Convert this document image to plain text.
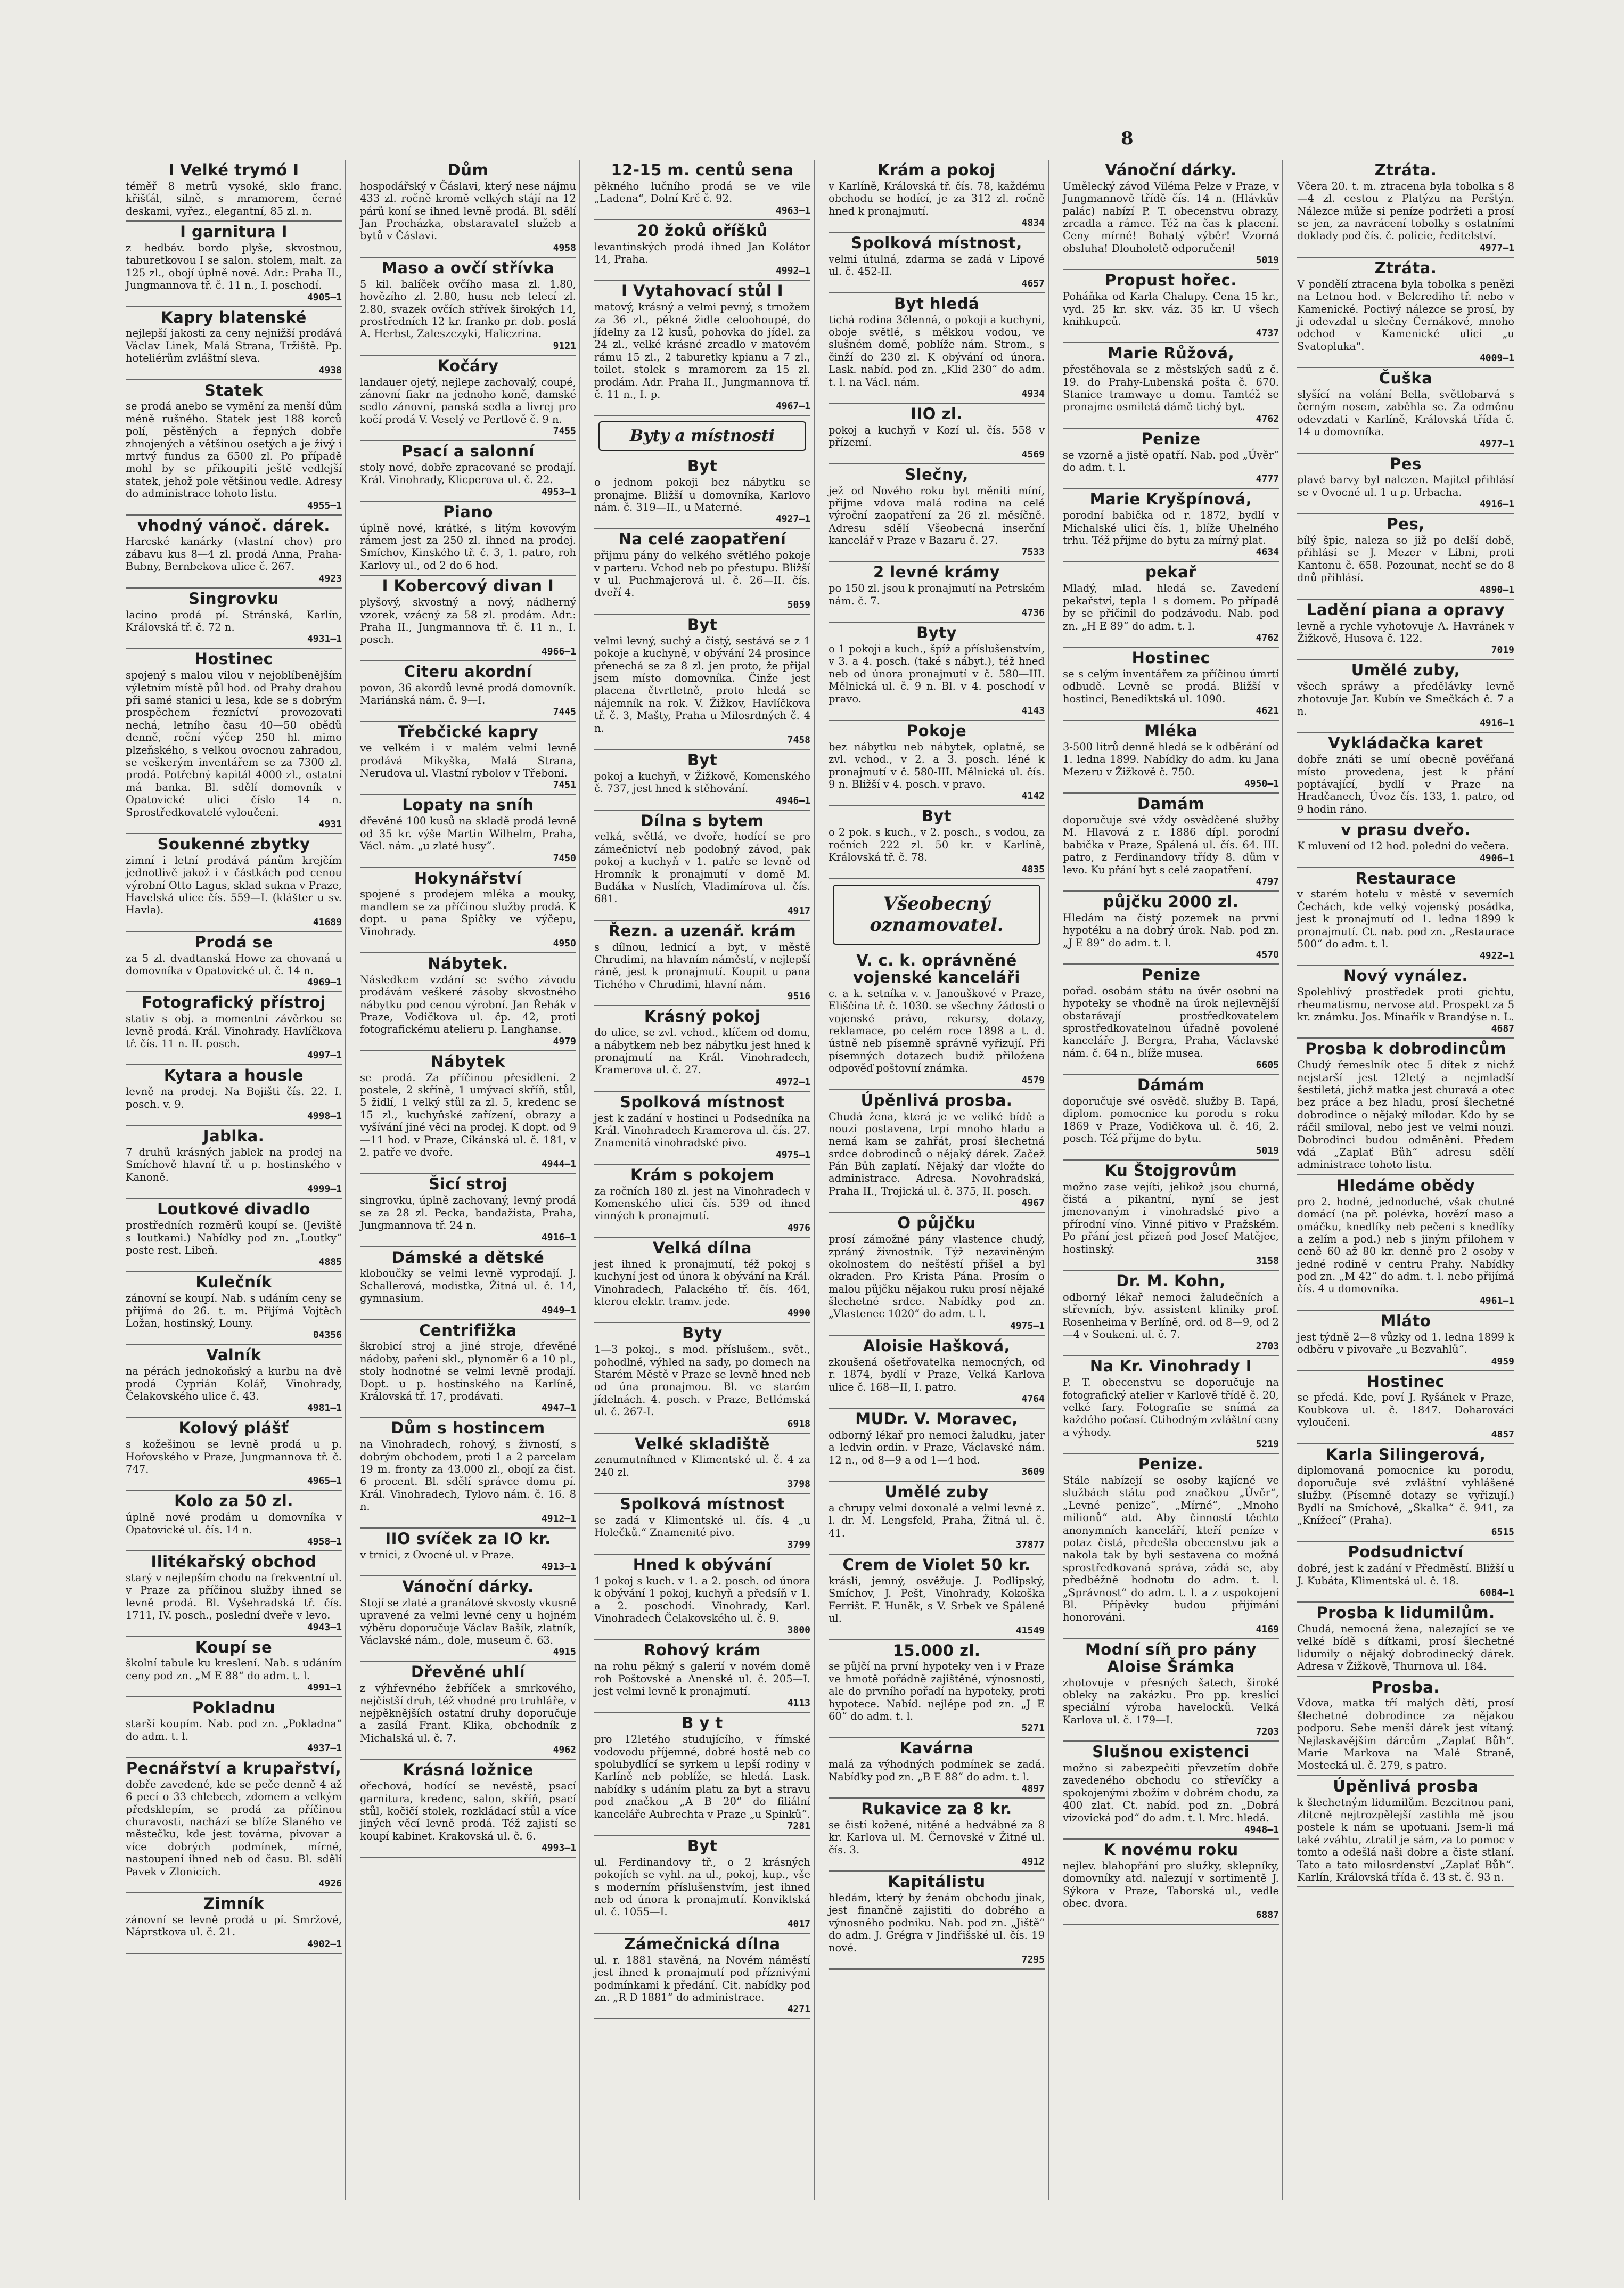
8
I Velké trymó I

téměř 8 metrů vysoké, sklo franc. křišťál, silně, s mramorem, černé deskami, vyřez., elegantní, 85 zl. n.

I garnitura I

z hedbáv. bordo plyše, skvostnou, taburetkovou I se salon. stolem, malt. za 125 zl., obojí úplně nové. Adr.: Praha II., Jungmannova tř. č. 11 n., I. poschodí.

4905—1
Kapry blatenské

nejlepší jakosti za ceny nejnižší prodává Václav Linek, Malá Strana, Tržiště. Pp. hoteliérům zvláštní sleva.

4938
Statek

se prodá anebo se vymění za menší dům méně rušného. Statek jest 188 korců polí, pěstěných a řepných dobře zhnojených a většinou osetých a je živý i mrtvý fundus za 6500 zl. Po případě mohl by se přikoupiti ještě vedlejší statek, jehož pole většinou vedle. Adresy do administrace tohoto listu.

4955—1
vhodný vánoč. dárek.

Harcské kanárky (vlastní chov) pro zábavu kus 8—4 zl. prodá Anna, Praha-Bubny, Bernbekova ulice č. 267.

4923
Singrovku

lacino prodá pí. Stránská, Karlín, Královská tř. č. 72 n.

4931—1
Hostinec

spojený s malou vilou v nejoblíbenějším výletním místě půl hod. od Prahy drahou při samé stanici u lesa, kde se s dobrým prospěchem řezníctví provozovati nechá, letního času 40—50 obědů denně, roční výčep 250 hl. mimo plzeňského, s velkou ovocnou zahradou, se veškerým inventářem se za 7300 zl. prodá. Potřebný kapitál 4000 zl., ostatní má banka. Bl. sdělí domovník v Opatovické ulici číslo 14 n. Sprostředkovatelé vyloučeni.

4931
Soukenné zbytky

zimní i letní prodává pánům krejčím jednotlivě jakož i v částkách pod cenou výrobní Otto Lagus, sklad sukna v Praze, Havelská ulice čís. 559—I. (klášter u sv. Havla).

41689
Prodá se

za 5 zl. dvadtanská Howe za chovaná u domovníka v Opatovické ul. č. 14 n.

4969—1
Fotografický přístroj

stativ s obj. a momentní závěrkou se levně prodá. Král. Vinohrady. Havlíčkova tř. čís. 11 n. II. posch.

4997—1
Kytara a housle

levně na prodej. Na Bojišti čís. 22. I. posch. v. 9.

4998—1
Jablka.

7 druhů krásných jablek na prodej na Smíchově hlavní tř. u p. hostinského v Kanoně.

4999—1
Loutkové divadlo

prostředních rozměrů koupí se. (Jeviště s loutkami.) Nabídky pod zn. „Loutky“ poste rest. Libeň.

4885
Kulečník

zánovní se koupí. Nab. s udáním ceny se přijímá do 26. t. m. Přijímá Vojtěch Ložan, hostinský, Louny.

04356
Valník

na pérách jednokoňský a kurbu na dvě prodá Cyprián Kolář, Vinohrady, Čelakovského ulice č. 43.

4981—1
Kolový plášť

s kožešinou se levně prodá u p. Hořovského v Praze, Jungmannova tř. č. 747.

4965—1
Kolo za 50 zl.

úplně nové prodám u domovníka v Opatovické ul. čís. 14 n.

4958—1
Ilitékařský obchod

starý v nejlepším chodu na frekventní ul. v Praze za příčinou služby ihned se levně prodá. Bl. Vyšehradská tř. čís. 1711, IV. posch., poslední dveře v levo.

4943—1
Koupí se

školní tabule ku kreslení. Nab. s udáním ceny pod zn. „M E 88“ do adm. t. l.

4991—1
Pokladnu

starší koupím. Nab. pod zn. „Pokladna“ do adm. t. l.

4937—1
Pecnářství a krupařství,

dobře zavedené, kde se peče denně 4 až 6 pecí o 33 chlebech, zdomem a velkým předsklepím, se prodá za příčinou churavosti, nachází se blíže Slaného ve městečku, kde jest továrna, pivovar a více dobrých podmínek, mírné, nastoupení ihned neb od času. Bl. sdělí Pavek v Zlonicích.

4926
Zimník

zánovní se levně prodá u pí. Smržové, Náprstkova ul. č. 21.

4902—1
Dům

hospodářský v Čáslavi, který nese nájmu 433 zl. ročně kromě velkých stájí na 12 párů koní se ihned levně prodá. Bl. sdělí Jan Procházka, obstaravatel služeb a bytů v Čáslavi.

4958
Maso a ovčí střívka

5 kil. balíček ovčího masa zl. 1.80, hovězího zl. 2.80, husu neb telecí zl. 2.80, svazek ovčích střívek širokých 14, prostředních 12 kr. franko pr. dob. poslá A. Herbst, Zaleszczyki, Haliczrina.

9121
Kočáry

landauer ojetý, nejlepe zachovalý, coupé, zánovní fiakr na jednoho koně, damské sedlo zánovní, panská sedla a livrej pro kočí prodá V. Veselý ve Pertlově č. 9 n.

7455
Psací a salonní

stoly nové, dobře zpracované se prodají. Král. Vinohrady, Klicperova ul. č. 22.

4953—1
Piano

úplně nové, krátké, s litým kovovým rámem jest za 250 zl. ihned na prodej. Smíchov, Kinského tř. č. 3, 1. patro, roh Karlovy ul., od 2 do 6 hod.

I Kobercový divan I

plyšový, skvostný a nový, nádherný vzorek, vzácný za 58 zl. prodám. Adr.: Praha II., Jungmannova tř. č. 11 n., I. posch.

4966—1
Citeru akordní

povon, 36 akordů levně prodá domovník. Mariánská nám. č. 9—I.

7445
Třebčické kapry

ve velkém i v malém velmi levně prodává Mikyška, Malá Strana, Nerudova ul. Vlastní rybolov v Třeboni.

7451
Lopaty na sníh

dřevěné 100 kusů na skladě prodá levně od 35 kr. výše Martin Wilhelm, Praha, Václ. nám. „u zlaté husy“.

7450
Hokynářství

spojené s prodejem mléka a mouky, mandlem se za příčinou služby prodá. K dopt. u pana Spičky ve výčepu, Vinohrady.

4950
Nábytek.

Následkem vzdání se svého závodu prodávám veškeré zásoby skvostného nábytku pod cenou výrobní. Jan Řehák v Praze, Vodičkova ul. čp. 42, proti fotografickému atelieru p. Langhanse.

4979
Nábytek

se prodá. Za příčinou přesídlení. 2 postele, 2 skříně, 1 umývací skříň, stůl, 5 židlí, 1 velký stůl za zl. 5, kredenc se 15 zl., kuchyňské zařízení, obrazy a vyšívání jiné věci na prodej. K dopt. od 9—11 hod. v Praze, Cikánská ul. č. 181, v 2. patře ve dvoře.

4944—1
Šicí stroj

singrovku, úplně zachovaný, levný prodá se za 28 zl. Pecka, bandažista, Praha, Jungmannova tř. 24 n.

4916—1
Dámské a dětské

kloboučky se velmi levně vyprodají. J. Schallerová, modistka, Žitná ul. č. 14, gymnasium.

4949—1
Centrifižka

škrobicí stroj a jiné stroje, dřevěné nádoby, pařeni skl., plynoměr 6 a 10 pl., stoly hodnotné se velmi levně prodají. Dopt. u p. hostinského na Karlíně, Královská tř. 17, prodávati.

4947—1
Dům s hostincem

na Vinohradech, rohový, s živností, s dobrým obchodem, proti 1 a 2 parcelam 19 m. fronty za 43.000 zl., obojí za čist. 6 procent. Bl. sdělí správce domu pí. Král. Vinohradech, Tylovo nám. č. 16. 8 n.

4912—1
IIO svíček za IO kr.

v trnici, z Ovocné ul. v Praze.

4913—1
Vánoční dárky.

Stojí se zlaté a granátové skvosty vkusně upravené za velmi levné ceny u hojném výběru doporučuje Václav Bašík, zlatník, Václavské nám., dole, museum č. 63.

4915
Dřevěné uhlí

z výhřevného žebříček a smrkového, nejčistší druh, též vhodné pro truhláře, v nejpěknějších ostatní druhy doporučuje a zasílá Frant. Klika, obchodník z Michalská ul. č. 7.

4962
Krásná ložnice

ořechová, hodící se nevěstě, psací garnitura, kredenc, salon, skříň, psací stůl, kočičí stolek, rozkládací stůl a více jiných věcí levně prodá. Též zajistí se koupí kabinet. Krakovská ul. č. 6.

4993—1
12-15 m. centů sena

pěkného lučního prodá se ve vile „Ladena“, Dolní Krč č. 92.

4963—1
20 žoků oříšků

levantinských prodá ihned Jan Kolátor 14, Praha.

4992—1
I Vytahovací stůl I

matový, krásný a velmi pevný, s trnožem za 36 zl., pěkné židle celoohoupé, do jídelny za 12 kusů, pohovka do jídel. za 24 zl., velké krásné zrcadlo v matovém rámu 15 zl., 2 taburetky kpianu a 7 zl., toilet. stolek s mramorem za 15 zl. prodám. Adr. Praha II., Jungmannova tř. č. 11 n., I. p.

4967—1
Byty a místnosti
Byt

o jednom pokoji bez nábytku se pronajme. Bližší u domovníka, Karlovo nám. č. 319—II., u Materné.

4927—1
Na celé zaopatření

přijmu pány do velkého světlého pokoje v parteru. Vchod neb po přestupu. Bližší v ul. Puchmajerová ul. č. 26—II. čís. dveří 4.

5059
Byt

velmi levný, suchý a čistý, sestává se z 1 pokoje a kuchyně, v obývání 24 prosince přenechá se za 8 zl. jen proto, že přijal jsem místo domovníka. Činže jest placena čtvrtletně, proto hledá se nájemník na rok. V. Žižkov, Havlíčkova tř. č. 3, Mašty, Praha u Milosrdných č. 4 n.

7458
Byt

pokoj a kuchyň, v Žižkově, Komenského č. 737, jest hned k stěhování.

4946—1
Dílna s bytem

velká, světlá, ve dvoře, hodící se pro zámečnictví neb podobný závod, pak pokoj a kuchyň v 1. patře se levně od Hromník k pronajmutí v domě M. Budáka v Nuslích, Vladimírova ul. čís. 681.

4917
Řezn. a uzenář. krám

s dílnou, lednicí a byt, v městě Chrudimi, na hlavním náměstí, v nejlepší ráně, jest k pronajmutí. Koupit u pana Tichého v Chrudimi, hlavní nám.

9516
Krásný pokoj

do ulice, se zvl. vchod., klíčem od domu, a nábytkem neb bez nábytku jest hned k pronajmutí na Král. Vinohradech, Kramerova ul. č. 27.

4972—1
Spolková místnost

jest k zadání v hostinci u Podsedníka na Král. Vinohradech Kramerova ul. čís. 27. Znamenitá vinohradské pivo.

4975—1
Krám s pokojem

za ročních 180 zl. jest na Vinohradech v Komenského ulici čís. 539 od ihned vinných k pronajmutí.

4976
Velká dílna

jest ihned k pronajmutí, též pokoj s kuchyní jest od února k obývání na Král. Vinohradech, Palackého tř. čís. 464, kterou elektr. tramv. jede.

4990
Byty

1—3 pokoj., s mod. příslušem., svět., pohodlné, výhled na sady, po domech na Starém Městě v Praze se levně hned neb od úna pronajmou. Bl. ve starém jídelnách. 4. posch. v Praze, Betlémská ul. č. 267-I.

6918
Velké skladiště

zenumutníhned v Klimentské ul. č. 4 za 240 zl.

3798
Spolková místnost

se zadá v Klimentské ul. čís. 4 „u Holečků.“ Znamenité pivo.

3799
Hned k obývání

1 pokoj s kuch. v 1. a 2. posch. od února k obývání 1 pokoj, kuchyň a předsíň v 1. a 2. poschodí. Vinohrady, Karl. Vinohradech Čelakovského ul. č. 9.

3800
Rohový krám

na rohu pěkný s galerií v novém domě roh Poštovské a Anenské ul. č. 205—I. jest velmi levně k pronajmutí.

4113
B y t

pro 12letého studujícího, v římské vodovodu příjemné, dobré hostě neb co spolubydlící se syrkem u lepší rodiny v Karlíně neb poblíže, se hledá. Lask. nabídky s udáním platu za byt a stravu pod značkou „A B 20“ do filiální kanceláře Aubrechta v Praze „u Spinků“.

7281
Byt

ul. Ferdinandovy tř., o 2 krásných pokojích se vyhl. na ul., pokoj, kup., vše s moderním příslušenstvím, jest ihned neb od února k pronajmutí. Konviktská ul. č. 1055—I.

4017
Zámečnická dílna

ul. r. 1881 stavěná, na Novém náměstí jest ihned k pronajmutí pod příznivými podmínkami k předání. Cit. nabídky pod zn. „R D 1881“ do administrace.

4271
Krám a pokoj

v Karlíně, Královská tř. čís. 78, každému obchodu se hodící, je za 312 zl. ročně hned k pronajmutí.

4834
Spolková místnost,

velmi útulná, zdarma se zadá v Lipové ul. č. 452-II.

4657
Byt hledá

tichá rodina 3členná, o pokoji a kuchyni, oboje světlé, s měkkou vodou, ve slušném domě, poblíže nám. Strom., s činží do 230 zl. K obývání od února. Lask. nabíd. pod zn. „Klid 230“ do adm. t. l. na Václ. nám.

4934
IIO zl.

pokoj a kuchyň v Kozí ul. čís. 558 v přízemí.

4569
Slečny,

jež od Nového roku byt měniti míní, přijme vdova malá rodina na celé výroční zaopatření za 26 zl. měsíčně. Adresu sdělí Všeobecná inserční kancelář v Praze v Bazaru č. 27.

7533
2 levné krámy

po 150 zl. jsou k pronajmutí na Petrském nám. č. 7.

4736
Byty

o 1 pokoji a kuch., špíž a příslušenstvím, v 3. a 4. posch. (také s nábyt.), též hned neb od února pronajmutí v č. 580—III. Mělnická ul. č. 9 n. Bl. v 4. poschodí v pravo.

4143
Pokoje

bez nábytku neb nábytek, oplatně, se zvl. vchod., v 2. a 3. posch. léné k pronajmutí v č. 580-III. Mělnická ul. čís. 9 n. Bližší v 4. posch. v pravo.

4142
Byt

o 2 pok. s kuch., v 2. posch., s vodou, za ročních 222 zl. 50 kr. v Karlíně, Královská tř. č. 78.

4835
Všeobecný oznamovatel.
V. c. k. oprávněné vojenské kanceláři

c. a k. setníka v. v. Janouškové v Praze, Eliščina tř. č. 1030. se všechny žádosti o vojenské právo, rekursy, dotazy, reklamace, po celém roce 1898 a t. d. ústně neb písemně správně vyřizují. Při písemných dotazech budiž přiložena odpověď poštovní známka.

4579
Úpěnlivá prosba.

Chudá žena, která je ve veliké bídě a nouzi postavena, trpí mnoho hladu a nemá kam se zahřát, prosí šlechetná srdce dobrodinců o nějaký dárek. Začež Pán Bůh zaplatí. Nějaký dar vložte do administrace. Adresa. Novohradská, Praha II., Trojická ul. č. 375, II. posch.

4967
O půjčku

prosí zámožné pány vlastence chudý, zpráný živnostník. Týž nezaviněným okolnostem do neštěstí přišel a byl okraden. Pro Krista Pána. Prosím o malou půjčku nějakou ruku prosí nějaké šlechetné srdce. Nabídky pod zn. „Vlastenec 1020“ do adm. t. l.

4975—1
Aloisie Hašková,

zkoušená ošetřovatelka nemocných, od r. 1874, bydlí v Praze, Velká Karlova ulice č. 168—II, I. patro.

4764
MUDr. V. Moravec,

odborný lékař pro nemoci žaludku, jater a ledvin ordin. v Praze, Václavské nám. 12 n., od 8—9 a od 1—4 hod.

3609
Umělé zuby

a chrupy velmi doxonalé a velmi levné z. l. dr. M. Lengsfeld, Praha, Žitná ul. č. 41.

37877
Crem de Violet 50 kr.

krásli, jemný, osvěžuje. J. Podlipský, Smíchov, J. Pešt, Vinohrady, Kokoška Ferrišt. F. Huněk, s V. Srbek ve Spálené ul.

41549
15.000 zl.

se půjčí na první hypoteky ven i v Praze ve hmotě pořádně zajištěné, výnosnosti, ale do prvního pořadí na hypoteky, proti hypotece. Nabíd. nejlépe pod zn. „J E 60“ do adm. t. l.

5271
Kavárna

malá za výhodných podmínek se zadá. Nabídky pod zn. „B E 88“ do adm. t. l.

4897
Rukavice za 8 kr.

se čistí kožené, nitěné a hedvábné za 8 kr. Karlova ul. M. Černovské v Žitné ul. čís. 3.

4912
Kapitálistu

hledám, který by ženám obchodu jinak, jest finančně zajistiti do dobrého a výnosného podniku. Nab. pod zn. „Jiště“ do adm. J. Grégra v Jindřišské ul. čís. 19 nové.

7295
Vánoční dárky.

Umělecký závod Viléma Pelze v Praze, v Jungmannově třídě čís. 14 n. (Hlávkův palác) nabízí P. T. obecenstvu obrazy, zrcadla a rámce. Též na čas k placení. Ceny mírné! Bohatý výběr! Vzorná obsluha! Dlouholetě odporučeni!

5019
Propust hořec.

Poháňka od Karla Chalupy. Cena 15 kr., vyd. 25 kr. skv. váz. 35 kr. U všech knihkupců.

4737
Marie Růžová,

přestěhovala se z městských sadů z č. 19. do Prahy-Lubenská pošta č. 670. Stanice tramwaye u domu. Tamtéž se pronajme osmiletá dámě tichý byt.

4762
Penize

se vzorně a jistě opatří. Nab. pod „Úvěr“ do adm. t. l.

4777
Marie Kryšpínová,

porodní babička od r. 1872, bydlí v Michalské ulici čís. 1, blíže Uhelného trhu. Též přijme do bytu za mírný plat.

4634
pekař

Mladý, mlad. hledá se. Zavedení pekařství, tepla 1 s domem. Po případě by se přičinil do podzávodu. Nab. pod zn. „H E 89“ do adm. t. l.

4762
Hostinec

se s celým inventářem za příčinou úmrtí odbudě. Levně se prodá. Bližší v hostinci, Benediktská ul. 1090.

4621
Mléka

3-500 litrů denně hledá se k odběrání od 1. ledna 1899. Nabídky do adm. ku Jana Mezeru v Žižkově č. 750.

4950—1
Damám

doporučuje své vždy osvědčené služby M. Hlavová z r. 1886 dípl. porodní babička v Praze, Spálená ul. čís. 64. III. patro, z Ferdinandovy třídy 8. dům v levo. Ku přání byt s celé zaopatření.

4797
půjčku 2000 zl.

Hledám na čistý pozemek na první hypotéku a na dobrý úrok. Nab. pod zn. „J E 89“ do adm. t. l.

4570
Penize

pořad. osobám státu na úvěr osobní na hypoteky se vhodně na úrok nejlevnější obstarávají prostředkovatelem sprostředkovatelnou úřadně povolené kanceláře J. Bergra, Praha, Václavské nám. č. 64 n., blíže musea.

6605
Dámám

doporučuje své osvědč. služby B. Tapá, diplom. pomocnice ku porodu s roku 1869 v Praze, Vodičkova ul. č. 46, 2. posch. Též přijme do bytu.

5019
Ku Štojgrovům

možno zase vejíti, jelikož jsou churná, čistá a pikantní, nyní se jest jmenovaným i vinohradské pivo a přírodní víno. Vinné pitivo v Pražském. Po přání jest přizeň pod Josef Matějec, hostinský.

3158
Dr. M. Kohn,

odborný lékař nemoci žaludečních a střevních, býv. assistent kliniky prof. Rosenheima v Berlíně, ord. od 8—9, od 2—4 v Soukeni. ul. č. 7.

2703
Na Kr. Vinohrady I

P. T. obecenstvu se doporučuje na fotografický atelier v Karlově třídě č. 20, velké fary. Fotografie se snímá za každého počasí. Ctihodným zvláštní ceny a výhody.

5219
Penize.

Stále nabízejí se osoby kajícné ve službách státu pod značkou „Úvěr“, „Levné penize“, „Mírné“, „Mnoho milionů“ atd. Aby činností těchto anonymních kanceláří, kteří peníze v potaz čistá, předešla obecenstvu jak a nakola tak by byli sestavena co možná sprostředkovaná správa, zádá se, aby předběžně hodnotu do adm. t. l. „Správnost“ do adm. t. l. a z uspokojení Bl. Přípěvky budou přijímání honorováni.

4169
Modní síň pro pány Aloise Šrámka

zhotovuje v přesných šatech, široké obleky na zakázku. Pro pp. kreslící speciální výroba havelocků. Velká Karlova ul. č. 179—I.

7203
Slušnou existenci

možno si zabezpečiti převzetím dobře zavedeného obchodu co střevíčky a spokojenými zbožím v dobrém chodu, za 400 zlat. Ct. nabíd. pod zn. „Dobrá vizovická pod“ do adm. t. l. Mrc. hledá.

4948—1
K novému roku

nejlev. blahopřání pro služky, sklepníky, domovníky atd. nalezují v sortimentě J. Sýkora v Praze, Taborská ul., vedle obec. dvora.

6887
Ztráta.

Včera 20. t. m. ztracena byla tobolka s 8—4 zl. cestou z Platýzu na Perštýn. Nálezce může si peníze podržeti a prosí se jen, za navrácení tobolky s ostatními doklady pod čís. č. policie, ředitelství.

4977—1
Ztráta.

V pondělí ztracena byla tobolka s penězi na Letnou hod. v Belcrediho tř. nebo v Kamenické. Poctivý nálezce se prosí, by ji odevzdal u slečny Černákové, mnoho odchod v Kamenické ulici „u Svatoplukа“.

4009—1
Čuška

slyšící na volání Bella, světlobarvá s černým nosem, zaběhla se. Za odměnu odevzdati v Karlíně, Královská třída č. 14 u domovníka.

4977—1
Pes

plavé barvy byl nalezen. Majitel přihlásí se v Ovocné ul. 1 u p. Urbacha.

4916—1
Pes,

bílý špic, naleza so již po delší době, přihlásí se J. Mezer v Libni, proti Kantonu č. 658. Pozounat, nechť se do 8 dnů přihlásí.

4890—1
Ladění piana a opravy

levně a rychle vyhotovuje A. Havránek v Žižkově, Husova č. 122.

7019
Umělé zuby,

všech spráwy a předělávky levně zhotovuje Jar. Kubín ve Smečkách č. 7 a n.

4916—1
Vykládačka karet

dobře znáti se umí obecně pověřaná místo provedena, jest k přání poptávající, bydlí v Praze na Hradčanech, Úvoz čís. 133, 1. patro, od 9 hodin ráno.

v prasu dveřo.

K mluvení od 12 hod. poledni do večera.

4906—1
Restaurace

v starém hotelu v městě v severních Čechách, kde velký vojenský posádka, jest k pronajmutí od 1. ledna 1899 k pronajmutí. Ct. nab. pod zn. „Restaurace 500“ do adm. t. l.

4922—1
Nový vynález.

Spolehlivý prostředek proti gichtu, rheumatismu, nervose atd. Prospekt za 5 kr. známku. Jos. Minařík v Brandýse n. L.

4687
Prosba k dobrodincům

Chudý řemeslník otec 5 dítek z nichž nejstarší jest 12letý a nejmladší šestiletá, jichž matka jest churavá a otec bez práce a bez hladu, prosí šlechetné dobrodince o nějaký milodar. Kdo by se ráčil smiloval, nebo jest ve velmi nouzi. Dobrodinci budou odměněni. Předem vdá „Zaplať Bůh“ adresu sdělí administrace tohoto listu.

Hledáme obědy

pro 2. hodné, jednoduché, však chutné domácí (na př. polévka, hovězí maso a omáčku, knedlíky neb pečeni s knedlíky a zelím a pod.) neb s jiným přilohem v ceně 60 až 80 kr. denně pro 2 osoby v jedné rodině v centru Prahy. Nabídky pod zn. „M 42“ do adm. t. l. nebo přijímá čís. 4 u domovníka.

4961—1
Mláto

jest týdně 2—8 vůzky od 1. ledna 1899 k odběru v pivovaře „u Bezvahlů“.

4959
Hostinec

se předá. Kde, poví J. Ryšánek v Praze, Koubkova ul. č. 1847. Doharováci vyloučeni.

4857
Karla Silingerová,

diplomovaná pomocnice ku porodu, doporučuje své zvláštní vyhlášené služby. (Písemně dotazy se vyřizují.) Bydlí na Smíchově, „Skalka“ č. 941, za „Knížecí“ (Praha).

6515
Podsudnictví

dobré, jest k zadání v Předměstí. Bližší u J. Kubáta, Klimentská ul. č. 18.

6084—1
Prosba k lidumilům.

Chudá, nemocná žena, nalezající se ve velké bídě s dítkami, prosí šlechetné lidumily o nějaký dobrodinecký dárek. Adresa v Žižkově, Thurnova ul. 184.

Prosba.

Vdova, matka tří malých dětí, prosí šlechetné dobrodince za nějakou podporu. Sebe menší dárek jest vítaný. Nejlaskavějším dárcům „Zaplať Bůh“. Marie Markova na Malé Straně, Mostecká ul. č. 279, s patro.

Úpěnlivá prosba

k šlechetným lidumilům. Bezcitnou pani, zlitcně nejtrozpělejší zastihla mě jsou postele k nám se upotuani. Jsem-li má také zváhtu, ztratil je sám, za to pomoc v tomto a odešlá naši dobre a čiste stlaní. Tato a tato milosrdenství „Zaplať Bůh“. Karlín, Královská třída č. 43 st. č. 93 n.
